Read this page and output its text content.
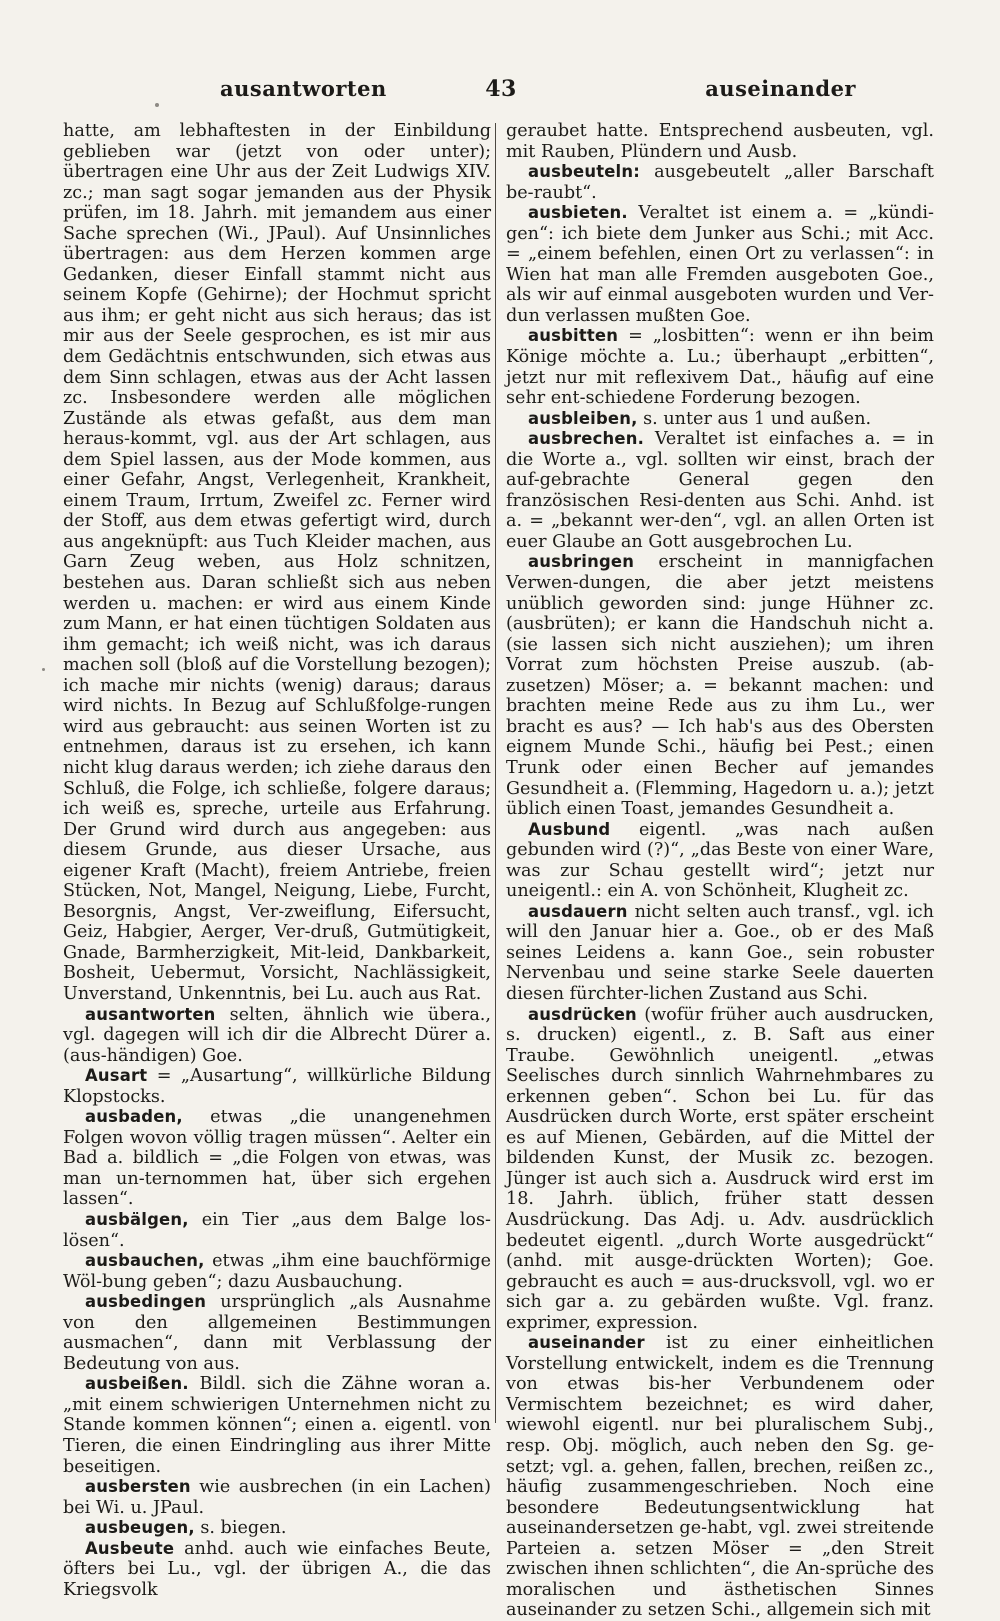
ausantworten	43	auseinander

hatte, am lebhaftesten in der Einbildung geblieben war (jetzt von oder unter); übertragen eine Uhr aus der Zeit Ludwigs XIV. zc.; man sagt sogar jemanden aus der Physik prüfen, im 18. Jahrh. mit jemandem aus einer Sache sprechen (Wi., JPaul). Auf Unsinnliches übertragen: aus dem Herzen kommen arge Gedanken, dieser Einfall stammt nicht aus seinem Kopfe (Gehirne); der Hochmut spricht aus ihm; er geht nicht aus sich heraus; das ist mir aus der Seele gesprochen, es ist mir aus dem Gedächtnis entschwunden, sich etwas aus dem Sinn schlagen, etwas aus der Acht lassen zc. Insbesondere werden alle möglichen Zustände als etwas gefaßt, aus dem man heraus-kommt, vgl. aus der Art schlagen, aus dem Spiel lassen, aus der Mode kommen, aus einer Gefahr, Angst, Verlegenheit, Krankheit, einem Traum, Irrtum, Zweifel zc. Ferner wird der Stoff, aus dem etwas gefertigt wird, durch aus angeknüpft: aus Tuch Kleider machen, aus Garn Zeug weben, aus Holz schnitzen, bestehen aus. Daran schließt sich aus neben werden u. machen: er wird aus einem Kinde zum Mann, er hat einen tüchtigen Soldaten aus ihm gemacht; ich weiß nicht, was ich daraus machen soll (bloß auf die Vorstellung bezogen); ich mache mir nichts (wenig) daraus; daraus wird nichts. In Bezug auf Schlußfolge-rungen wird aus gebraucht: aus seinen Worten ist zu entnehmen, daraus ist zu ersehen, ich kann nicht klug daraus werden; ich ziehe daraus den Schluß, die Folge, ich schließe, folgere daraus; ich weiß es, spreche, urteile aus Erfahrung. Der Grund wird durch aus angegeben: aus diesem Grunde, aus dieser Ursache, aus eigener Kraft (Macht), freiem Antriebe, freien Stücken, Not, Mangel, Neigung, Liebe, Furcht, Besorgnis, Angst, Ver-zweiflung, Eifersucht, Geiz, Habgier, Aerger, Ver-druß, Gutmütigkeit, Gnade, Barmherzigkeit, Mit-leid, Dankbarkeit, Bosheit, Uebermut, Vorsicht, Nachlässigkeit, Unverstand, Unkenntnis, bei Lu. auch aus Rat.

ausantworten selten, ähnlich wie übera., vgl. dagegen will ich dir die Albrecht Dürer a. (aus-händigen) Goe.

Ausart = „Ausartung“, willkürliche Bildung Klopstocks.

ausbaden, etwas „die unangenehmen Folgen wovon völlig tragen müssen“. Aelter ein Bad a. bildlich = „die Folgen von etwas, was man un-ternommen hat, über sich ergehen lassen“.

ausbälgen, ein Tier „aus dem Balge los-lösen“.

ausbauchen, etwas „ihm eine bauchförmige Wöl-bung geben“; dazu Ausbauchung.

ausbedingen ursprünglich „als Ausnahme von den allgemeinen Bestimmungen ausmachen“, dann mit Verblassung der Bedeutung von aus.

ausbeißen. Bildl. sich die Zähne woran a. „mit einem schwierigen Unternehmen nicht zu Stande kommen können“; einen a. eigentl. von Tieren, die einen Eindringling aus ihrer Mitte beseitigen.

ausbersten wie ausbrechen (in ein Lachen) bei Wi. u. JPaul.

ausbeugen, s. biegen.

Ausbeute anhd. auch wie einfaches Beute, öfters bei Lu., vgl. der übrigen A., die das Kriegsvolk

geraubet hatte. Entsprechend ausbeuten, vgl. mit Rauben, Plündern und Ausb.

ausbeuteln: ausgebeutelt „aller Barschaft be-raubt“.

ausbieten. Veraltet ist einem a. = „kündi-gen“: ich biete dem Junker aus Schi.; mit Acc. = „einem befehlen, einen Ort zu verlassen“: in Wien hat man alle Fremden ausgeboten Goe., als wir auf einmal ausgeboten wurden und Ver-dun verlassen mußten Goe.

ausbitten = „losbitten“: wenn er ihn beim Könige möchte a. Lu.; überhaupt „erbitten“, jetzt nur mit reflexivem Dat., häufig auf eine sehr ent-schiedene Forderung bezogen.

ausbleiben, s. unter aus 1 und außen.

ausbrechen. Veraltet ist einfaches a. = in die Worte a., vgl. sollten wir einst, brach der auf-gebrachte General gegen den französischen Resi-denten aus Schi. Anhd. ist a. = „bekannt wer-den“, vgl. an allen Orten ist euer Glaube an Gott ausgebrochen Lu.

ausbringen erscheint in mannigfachen Verwen-dungen, die aber jetzt meistens unüblich geworden sind: junge Hühner zc. (ausbrüten); er kann die Handschuh nicht a. (sie lassen sich nicht ausziehen); um ihren Vorrat zum höchsten Preise auszub. (ab-zusetzen) Möser; a. = bekannt machen: und brachten meine Rede aus zu ihm Lu., wer bracht es aus? — Ich hab's aus des Obersten eignem Munde Schi., häufig bei Pest.; einen Trunk oder einen Becher auf jemandes Gesundheit a. (Flemming, Hagedorn u. a.); jetzt üblich einen Toast, jemandes Gesundheit a.

Ausbund eigentl. „was nach außen gebunden wird (?)“, „das Beste von einer Ware, was zur Schau gestellt wird“; jetzt nur uneigentl.: ein A. von Schönheit, Klugheit zc.

ausdauern nicht selten auch transf., vgl. ich will den Januar hier a. Goe., ob er des Maß seines Leidens a. kann Goe., sein robuster Nervenbau und seine starke Seele dauerten diesen fürchter-lichen Zustand aus Schi.

ausdrücken (wofür früher auch ausdrucken, s. drucken) eigentl., z. B. Saft aus einer Traube. Gewöhnlich uneigentl. „etwas Seelisches durch sinnlich Wahrnehmbares zu erkennen geben“. Schon bei Lu. für das Ausdrücken durch Worte, erst später erscheint es auf Mienen, Gebärden, auf die Mittel der bildenden Kunst, der Musik zc. bezogen. Jünger ist auch sich a. Ausdruck wird erst im 18. Jahrh. üblich, früher statt dessen Ausdrückung. Das Adj. u. Adv. ausdrücklich bedeutet eigentl. „durch Worte ausgedrückt“ (anhd. mit ausge-drückten Worten); Goe. gebraucht es auch = aus-drucksvoll, vgl. wo er sich gar a. zu gebärden wußte. Vgl. franz. exprimer, expression.

auseinander ist zu einer einheitlichen Vorstellung entwickelt, indem es die Trennung von etwas bis-her Verbundenem oder Vermischtem bezeichnet; es wird daher, wiewohl eigentl. nur bei pluralischem Subj., resp. Obj. möglich, auch neben den Sg. ge-setzt; vgl. a. gehen, fallen, brechen, reißen zc., häufig zusammengeschrieben. Noch eine besondere Bedeutungsentwicklung hat auseinandersetzen ge-habt, vgl. zwei streitende Parteien a. setzen Möser = „den Streit zwischen ihnen schlichten“, die An-sprüche des moralischen und ästhetischen Sinnes auseinander zu setzen Schi., allgemein sich mit
